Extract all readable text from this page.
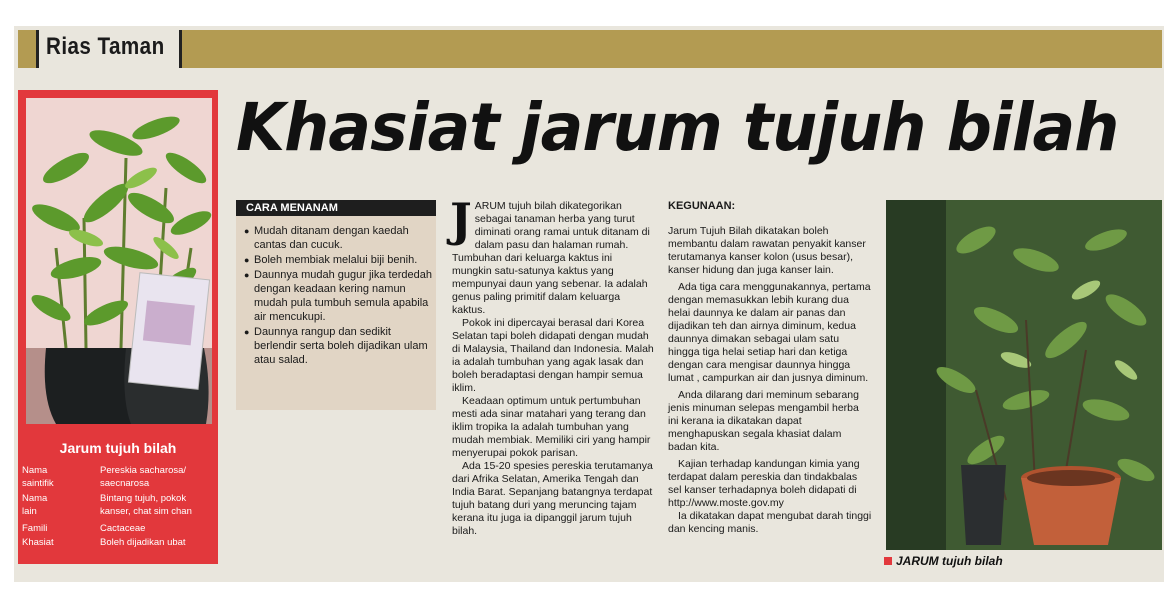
Rias Taman
Khasiat jarum tujuh bilah
Jarum tujuh bilah
Nama saintifik
Pereskia sacharosa/ saecnarosa
Nama lain
Bintang tujuh, pokok kanser, chat sim chan
Famili	Cactaceae
Khasiat	Boleh dijadikan ubat
CARA MENANAM
● Mudah ditanam dengan kaedah cantas dan cucuk.
● Boleh membiak melalui biji benih.
● Daunnya mudah gugur jika terdedah dengan keadaan kering namun mudah pula tumbuh semula apabila air mencukupi.
● Daunnya rangup dan sedikit berlendir serta boleh dijadikan ulam atau salad.
J ARUM tujuh bilah dikategorikan sebagai tanaman herba yang turut diminati orang ramai untuk ditanam di dalam pasu dan halaman rumah. Tumbuhan dari keluarga kaktus ini mungkin satu-satunya kaktus yang mempunyai daun yang sebenar. Ia adalah genus paling primitif dalam keluarga kaktus.

Pokok ini dipercayai berasal dari Korea Selatan tapi boleh didapati dengan mudah di Malaysia, Thailand dan Indonesia. Malah ia adalah tumbuhan yang agak lasak dan boleh beradaptasi dengan hampir semua iklim.

Keadaan optimum untuk pertumbuhan mesti ada sinar matahari yang terang dan iklim tropika Ia adalah tumbuhan yang mudah membiak. Memiliki ciri yang hampir menyerupai pokok parisan.

Ada 15-20 spesies pereskia terutamanya dari Afrika Selatan, Amerika Tengah dan India Barat. Sepanjang batangnya terdapat tujuh batang duri yang meruncing tajam kerana itu juga ia dipanggil jarum tujuh bilah.

KEGUNAAN:

Jarum Tujuh Bilah dikatakan boleh membantu dalam rawatan penyakit kanser terutamanya kanser kolon (usus besar), kanser hidung dan juga kanser lain.

Ada tiga cara menggunakannya, pertama dengan memasukkan lebih kurang dua helai daunnya ke dalam air panas dan dijadikan teh dan airnya diminum, kedua daunnya dimakan sebagai ulam satu hingga tiga helai setiap hari dan ketiga dengan cara mengisar daunnya hingga lumat , campurkan air dan jusnya diminum.

Anda dilarang dari meminum sebarang jenis minuman selepas mengambil herba ini kerana ia dikatakan dapat menghapuskan segala khasiat dalam badan kita.

Kajian terhadap kandungan kimia yang terdapat dalam pereskia dan tindakbalas sel kanser terhadapnya boleh didapati di http://www.moste.gov.my

Ia dikatakan dapat mengubat darah tinggi dan kencing manis.

JARUM tujuh bilah
